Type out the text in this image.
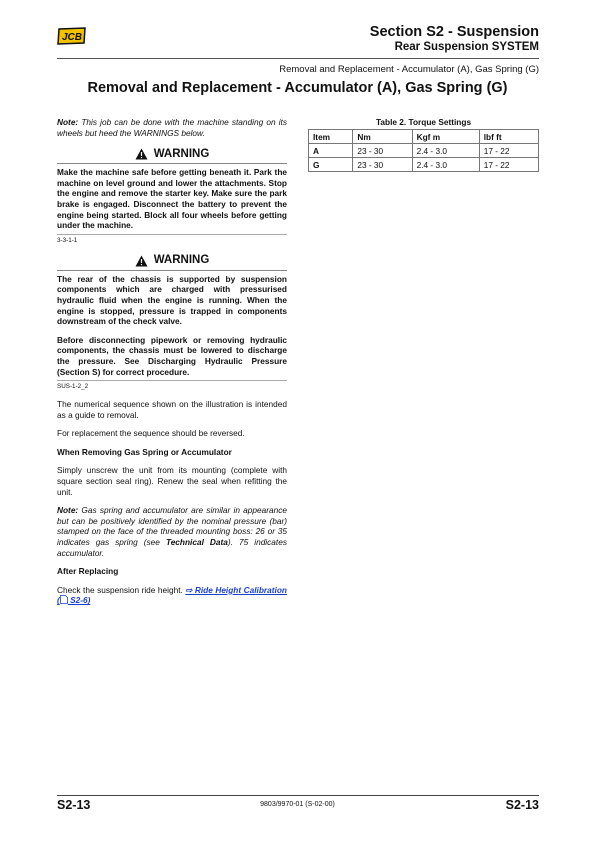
JCB	Section S2 - Suspension
Rear Suspension SYSTEM
Removal and Replacement - Accumulator (A), Gas Spring (G)
Removal and Replacement - Accumulator (A), Gas Spring (G)

Note: This job can be done with the machine standing on its wheels but heed the WARNINGS below.

WARNING

Make the machine safe before getting beneath it. Park the machine on level ground and lower the attachments. Stop the engine and remove the starter key. Make sure the park brake is engaged. Disconnect the battery to prevent the engine being started. Block all four wheels before getting under the machine.

3-3-1-1
WARNING

The rear of the chassis is supported by suspension components which are charged with pressurised hydraulic fluid when the engine is running. When the engine is stopped, pressure is trapped in components downstream of the check valve.

Before disconnecting pipework or removing hydraulic components, the chassis must be lowered to discharge the pressure. See Discharging Hydraulic Pressure (Section S) for correct procedure.

SUS-1-2_2

The numerical sequence shown on the illustration is intended as a guide to removal.

For replacement the sequence should be reversed.

When Removing Gas Spring or Accumulator

Simply unscrew the unit from its mounting (complete with square section seal ring). Renew the seal when refitting the unit.

Note: Gas spring and accumulator are similar in appearance but can be positively identified by the nominal pressure (bar) stamped on the face of the threaded mounting boss: 26 or 35 indicates gas spring (see Technical Data). 75 indicates accumulator.

After Replacing

Check the suspension ride height. ⇨ Ride Height Calibration ( S2-6)

Table 2. Torque Settings
Item	Nm	Kgf m	lbf ft
A	23 - 30	2.4 - 3.0	17 - 22
G	23 - 30	2.4 - 3.0	17 - 22
S2-13	9803/9970-01 (S-02-00)	S2-13
